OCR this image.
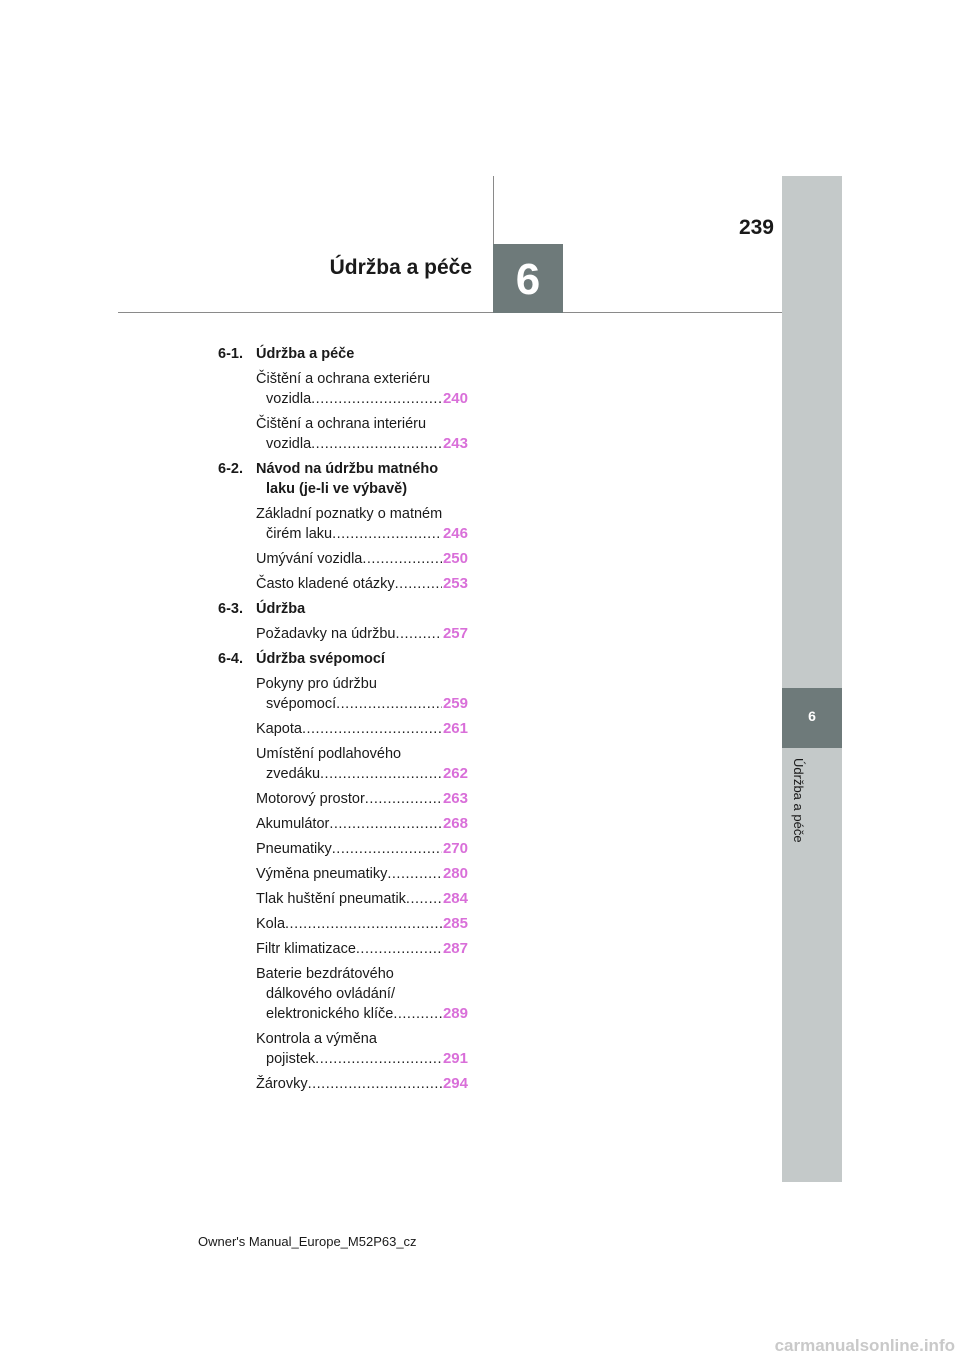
6
Údržba a péče
239
Údržba a péče 6
6-1. Údržba a péče
Čištění a ochrana exteriéru
vozidla .....	240
Čištění a ochrana interiéru
vozidla .....	243
6-2. Návod na údržbu matného
laku (je-li ve výbavě)
Základní poznatky o matném
čirém laku .....	246
Umývání vozidla .....	250
Často kladené otázky .....	253
6-3. Údržba
Požadavky na údržbu .....	257
6-4. Údržba svépomocí
Pokyny pro údržbu
svépomocí .....	259
Kapota .....	261
Umístění podlahového
zvedáku .....	262
Motorový prostor .....	263
Akumulátor .....	268
Pneumatiky .....	270
Výměna pneumatiky .....	280
Tlak huštění pneumatik ..... 284
Kola .....	285
Filtr klimatizace .....	287
Baterie bezdrátového
dálkového ovládání/
elektronického klíče .....	289
Kontrola a výměna
pojistek .....	291
Žárovky .....	294
Owner's Manual_Europe_M52P63_cz
carmanualsonline.info
